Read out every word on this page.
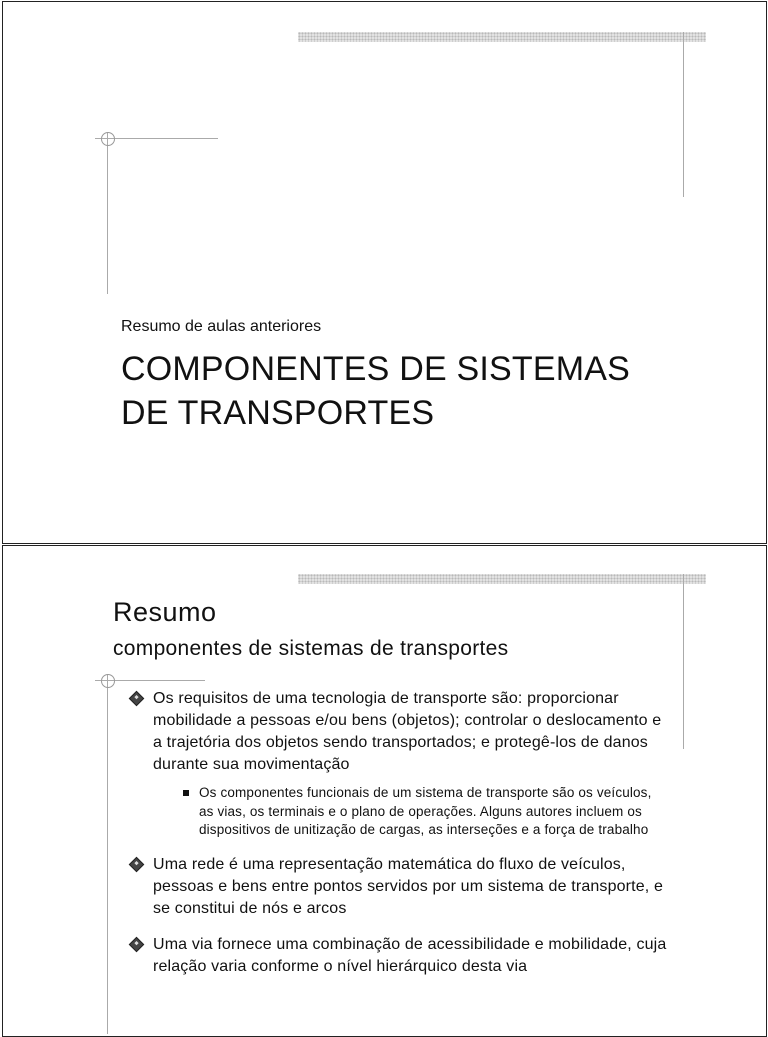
Resumo de aulas anteriores
COMPONENTES DE SISTEMAS
DE TRANSPORTES
Resumo
componentes de sistemas de transportes
Os requisitos de uma tecnologia de transporte são: proporcionar mobilidade a pessoas e/ou bens (objetos); controlar o deslocamento e a trajetória dos objetos sendo transportados; e protegê-los de danos durante sua movimentação
Os componentes funcionais de um sistema de transporte são os veículos, as vias, os terminais e o plano de operações. Alguns autores incluem os dispositivos de unitização de cargas, as interseções e a força de trabalho
Uma rede é uma representação matemática do fluxo de veículos, pessoas e bens entre pontos servidos por um sistema de transporte, e se constitui de nós e arcos
Uma via fornece uma combinação de acessibilidade e mobilidade, cuja relação varia conforme o nível hierárquico desta via
